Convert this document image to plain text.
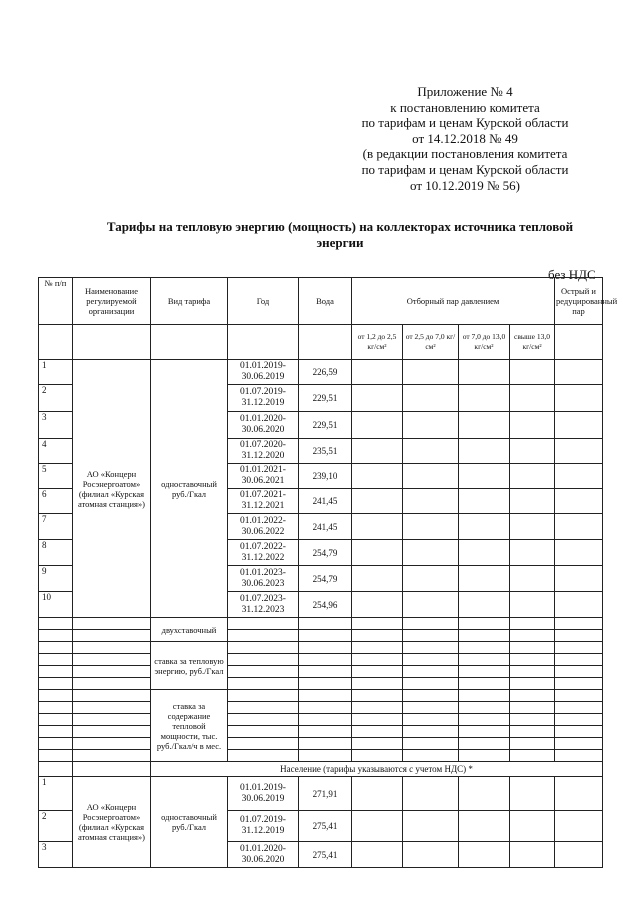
Приложение № 4
к постановлению комитета
по тарифам и ценам Курской области
от 14.12.2018 № 49
(в редакции постановления комитета
по тарифам и ценам Курской области
от 10.12.2019 № 56)
Тарифы на тепловую энергию (мощность) на коллекторах источника тепловой энергии
без НДС
№ п/п	Наименование регулируемой организации	Вид тарифа	Год	Вода	Отборный пар давлением				Острый и редуцированный пар
					от 1,2 до 2,5 кг/см²	от 2,5 до 7,0 кг/см²	от 7,0 до 13,0 кг/см²	свыше 13,0 кг/см²	
1	АО «Концерн Росэнергоатом» (филиал «Курская атомная станция»)	одноставочный руб./Гкал	01.01.2019-30.06.2019	226,59					
2			01.07.2019-31.12.2019	229,51					
3			01.01.2020-30.06.2020	229,51					
4			01.07.2020-31.12.2020	235,51					
5			01.01.2021-30.06.2021	239,10					
6			01.07.2021-31.12.2021	241,45					
7			01.01.2022-30.06.2022	241,45					
8			01.07.2022-31.12.2022	254,79					
9			01.01.2023-30.06.2023	254,79					
10			01.07.2023-31.12.2023	254,96					
		двухставочный							

		ставка за тепловую энергию, руб./Гкал							

		ставка за содержание тепловой мощности, тыс. руб./Гкал/ч в мес.							

		Население (тарифы указываются с учетом НДС) *							
1	АО «Концерн Росэнергоатом» (филиал «Курская атомная станция»)	одноставочный руб./Гкал	01.01.2019-30.06.2019	271,91					
2			01.07.2019-31.12.2019	275,41					
3			01.01.2020-30.06.2020	275,41					
